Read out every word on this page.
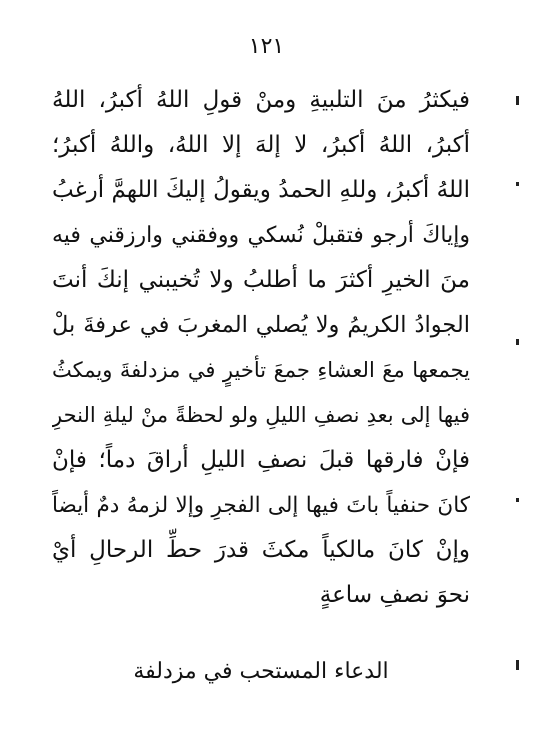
١٢١
فيكثرُ منَ التلبيةِ ومنْ قولِ اللهُ أكبرُ، اللهُ
أكبرُ، اللهُ أكبرُ، لا إلهَ إلا اللهُ، واللهُ أكبرُ؛
اللهُ أكبرُ، وللهِ الحمدُ ويقولُ إليكَ اللهمَّ أرغبُ
وإياكَ أرجو فتقبلْ نُسكي ووفقني وارزقني فيه
منَ الخيرِ أكثرَ ما أطلبُ ولا تُخيبني إنكَ أنتَ
الجوادُ الكريمُ ولا يُصلي المغربَ في عرفةَ بلْ
يجمعها معَ العشاءِ جمعَ تأخيرٍ في مزدلفةَ ويمكثُ
فيها إلى بعدِ نصفِ الليلِ ولو لحظةً منْ ليلةِ النحرِ
فإنْ فارقها قبلَ نصفِ الليلِ أراقَ دماً؛ فإنْ
كانَ حنفياً باتَ فيها إلى الفجرِ وإلا لزمهُ دمٌ أيضاً
وإنْ كانَ مالكياً مكثَ قدرَ حطِّ الرحالِ أيْ
نحوَ نصفِ ساعةٍ
الدعاء المستحب في مزدلفة
